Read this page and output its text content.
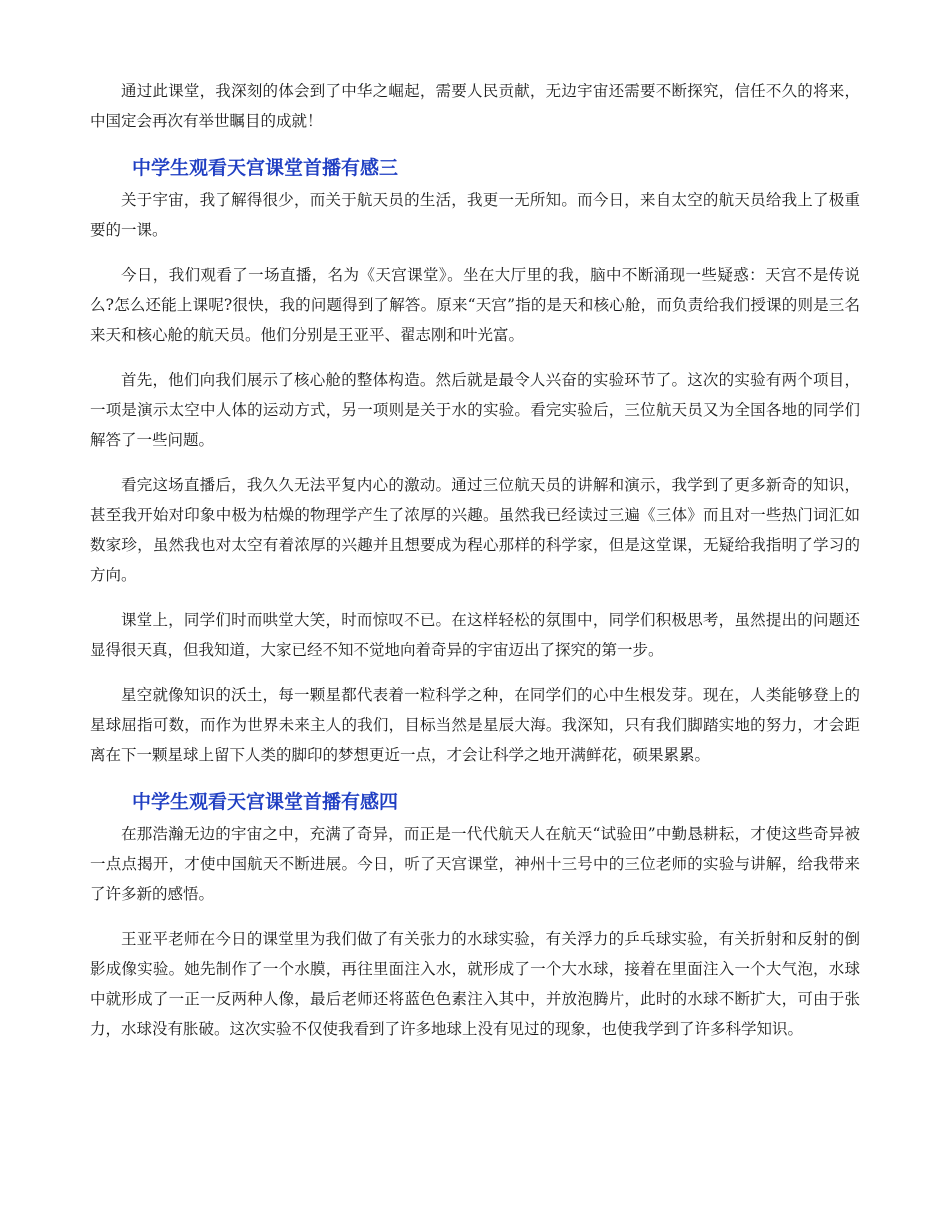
通过此课堂，我深刻的体会到了中华之崛起，需要人民贡献，无边宇宙还需要不断探究，信任不久的将来，中国定会再次有举世瞩目的成就！

中学生观看天宫课堂首播有感三

关于宇宙，我了解得很少，而关于航天员的生活，我更一无所知。而今日，来自太空的航天员给我上了极重要的一课。

今日，我们观看了一场直播，名为《天宫课堂》。坐在大厅里的我，脑中不断涌现一些疑惑：天宫不是传说么?怎么还能上课呢?很快，我的问题得到了解答。原来“天宫”指的是天和核心舱，而负责给我们授课的则是三名来天和核心舱的航天员。他们分别是王亚平、翟志刚和叶光富。

首先，他们向我们展示了核心舱的整体构造。然后就是最令人兴奋的实验环节了。这次的实验有两个项目，一项是演示太空中人体的运动方式，另一项则是关于水的实验。看完实验后，三位航天员又为全国各地的同学们解答了一些问题。

看完这场直播后，我久久无法平复内心的激动。通过三位航天员的讲解和演示，我学到了更多新奇的知识，甚至我开始对印象中极为枯燥的物理学产生了浓厚的兴趣。虽然我已经读过三遍《三体》而且对一些热门词汇如数家珍，虽然我也对太空有着浓厚的兴趣并且想要成为程心那样的科学家，但是这堂课，无疑给我指明了学习的方向。

课堂上，同学们时而哄堂大笑，时而惊叹不已。在这样轻松的氛围中，同学们积极思考，虽然提出的问题还显得很天真，但我知道，大家已经不知不觉地向着奇异的宇宙迈出了探究的第一步。

星空就像知识的沃土，每一颗星都代表着一粒科学之种，在同学们的心中生根发芽。现在，人类能够登上的星球屈指可数，而作为世界未来主人的我们，目标当然是星辰大海。我深知，只有我们脚踏实地的努力，才会距离在下一颗星球上留下人类的脚印的梦想更近一点，才会让科学之地开满鲜花，硕果累累。

中学生观看天宫课堂首播有感四

在那浩瀚无边的宇宙之中，充满了奇异，而正是一代代航天人在航天“试验田”中勤恳耕耘，才使这些奇异被一点点揭开，才使中国航天不断进展。今日，听了天宫课堂，神州十三号中的三位老师的实验与讲解，给我带来了许多新的感悟。

王亚平老师在今日的课堂里为我们做了有关张力的水球实验，有关浮力的乒乓球实验，有关折射和反射的倒影成像实验。她先制作了一个水膜，再往里面注入水，就形成了一个大水球，接着在里面注入一个大气泡，水球中就形成了一正一反两种人像，最后老师还将蓝色色素注入其中，并放泡腾片，此时的水球不断扩大，可由于张力，水球没有胀破。这次实验不仅使我看到了许多地球上没有见过的现象，也使我学到了许多科学知识。
